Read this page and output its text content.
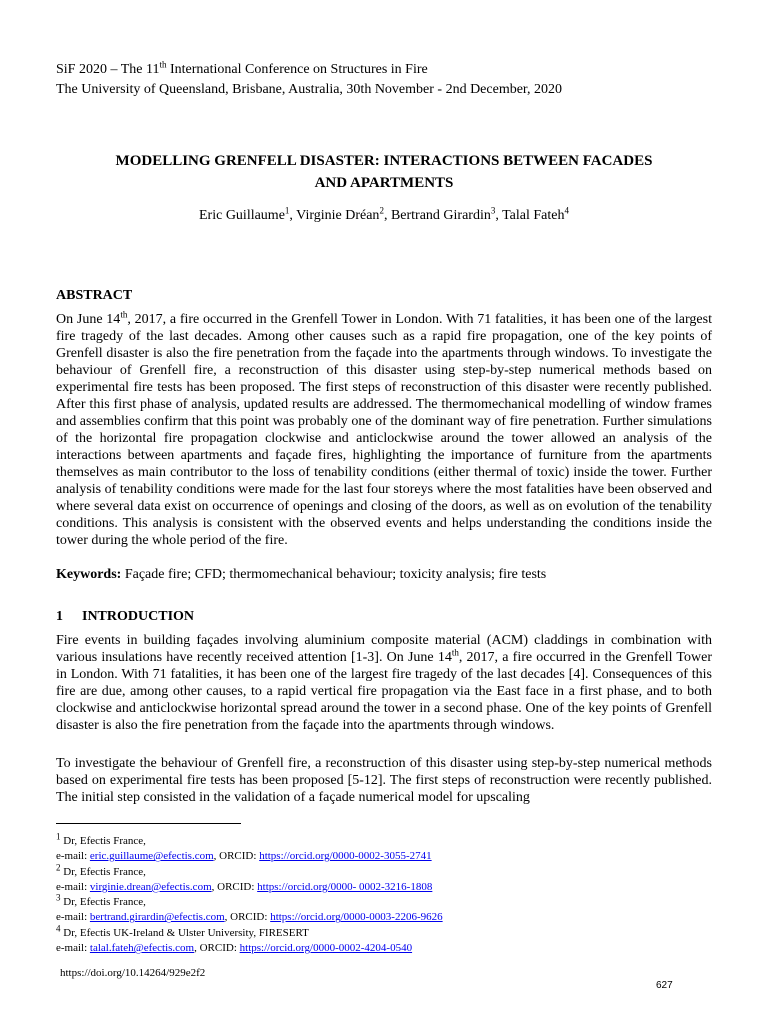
SiF 2020 – The 11th International Conference on Structures in Fire
The University of Queensland, Brisbane, Australia, 30th November - 2nd December, 2020
MODELLING GRENFELL DISASTER: INTERACTIONS BETWEEN FACADES
AND APARTMENTS
Eric Guillaume$^1$, Virginie Dréan$^2$, Bertrand Girardin$^3$, Talal Fateh$^4$
ABSTRACT

On June 14th, 2017, a fire occurred in the Grenfell Tower in London. With 71 fatalities, it has been one of the largest fire tragedy of the last decades. Among other causes such as a rapid fire propagation, one of the key points of Grenfell disaster is also the fire penetration from the façade into the apartments through windows. To investigate the behaviour of Grenfell fire, a reconstruction of this disaster using step-by-step numerical methods based on experimental fire tests has been proposed. The first steps of reconstruction of this disaster were recently published. After this first phase of analysis, updated results are addressed. The thermomechanical modelling of window frames and assemblies confirm that this point was probably one of the dominant way of fire penetration. Further simulations of the horizontal fire propagation clockwise and anticlockwise around the tower allowed an analysis of the interactions between apartments and façade fires, highlighting the importance of furniture from the apartments themselves as main contributor to the loss of tenability conditions (either thermal of toxic) inside the tower. Further analysis of tenability conditions were made for the last four storeys where the most fatalities have been observed and where several data exist on occurrence of openings and closing of the doors, as well as on evolution of the tenability conditions. This analysis is consistent with the observed events and helps understanding the conditions inside the tower during the whole period of the fire.

Keywords: Façade fire; CFD; thermomechanical behaviour; toxicity analysis; fire tests

1 INTRODUCTION

Fire events in building façades involving aluminium composite material (ACM) claddings in combination with various insulations have recently received attention [1-3]. On June 14th, 2017, a fire occurred in the Grenfell Tower in London. With 71 fatalities, it has been one of the largest fire tragedy of the last decades [4]. Consequences of this fire are due, among other causes, to a rapid vertical fire propagation via the East face in a first phase, and to both clockwise and anticlockwise horizontal spread around the tower in a second phase. One of the key points of Grenfell disaster is also the fire penetration from the façade into the apartments through windows.

To investigate the behaviour of Grenfell fire, a reconstruction of this disaster using step-by-step numerical methods based on experimental fire tests has been proposed [5-12]. The first steps of reconstruction were recently published. The initial step consisted in the validation of a façade numerical model for upscaling

$^1$ Dr, Efectis France,
e-mail: eric.guillaume@efectis.com, ORCID: https://orcid.org/0000-0002-3055-2741
$^2$ Dr, Efectis France,
e-mail: virginie.drean@efectis.com, ORCID: https://orcid.org/0000- 0002-3216-1808
$^3$ Dr, Efectis France,
e-mail: bertrand.girardin@efectis.com, ORCID: https://orcid.org/0000-0003-2206-9626
$^4$ Dr, Efectis UK-Ireland & Ulster University, FIRESERT
e-mail: talal.fateh@efectis.com, ORCID: https://orcid.org/0000-0002-4204-0540
https://doi.org/10.14264/929e2f2
627
